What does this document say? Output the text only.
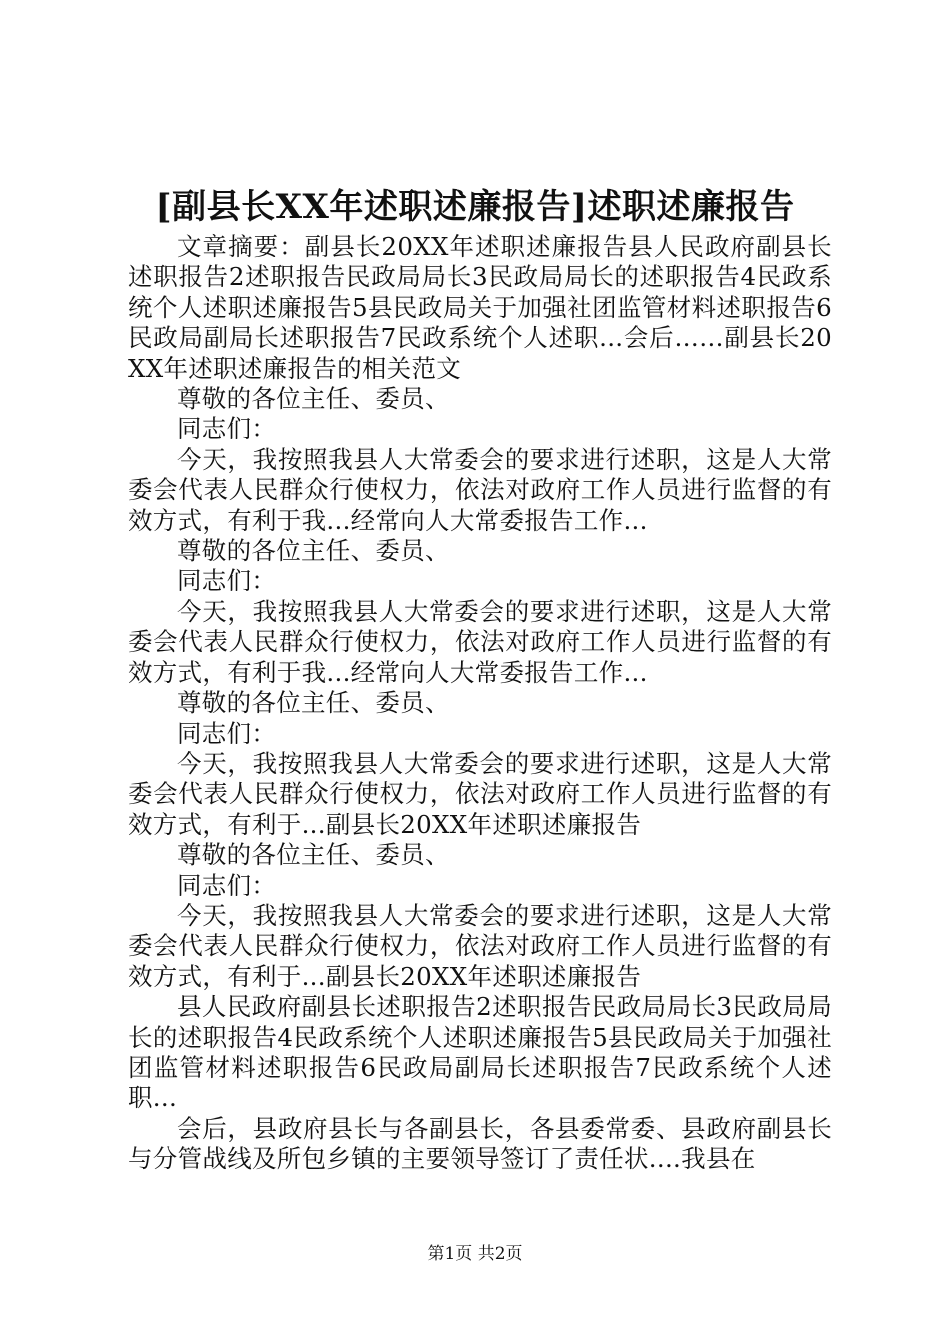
[副县长XX年述职述廉报告]述职述廉报告

文章摘要：副县长20XX年述职述廉报告县人民政府副县长述职报告2述职报告民政局局长3民政局局长的述职报告4民政系统个人述职述廉报告5县民政局关于加强社团监管材料述职报告6民政局副局长述职报告7民政系统个人述职...会后……副县长20XX年述职述廉报告的相关范文

尊敬的各位主任、委员、

同志们：

今天，我按照我县人大常委会的要求进行述职，这是人大常委会代表人民群众行使权力，依法对政府工作人员进行监督的有效方式，有利于我...经常向人大常委报告工作...

尊敬的各位主任、委员、

同志们：

今天，我按照我县人大常委会的要求进行述职，这是人大常委会代表人民群众行使权力，依法对政府工作人员进行监督的有效方式，有利于我...经常向人大常委报告工作...

尊敬的各位主任、委员、

同志们：

今天，我按照我县人大常委会的要求进行述职，这是人大常委会代表人民群众行使权力，依法对政府工作人员进行监督的有效方式，有利于...副县长20XX年述职述廉报告

尊敬的各位主任、委员、

同志们：

今天，我按照我县人大常委会的要求进行述职，这是人大常委会代表人民群众行使权力，依法对政府工作人员进行监督的有效方式，有利于...副县长20XX年述职述廉报告

县人民政府副县长述职报告2述职报告民政局局长3民政局局长的述职报告4民政系统个人述职述廉报告5县民政局关于加强社团监管材料述职报告6民政局副局长述职报告7民政系统个人述职...

会后，县政府县长与各副县长，各县委常委、县政府副县长与分管战线及所包乡镇的主要领导签订了责任状....我县在

第1页 共2页
